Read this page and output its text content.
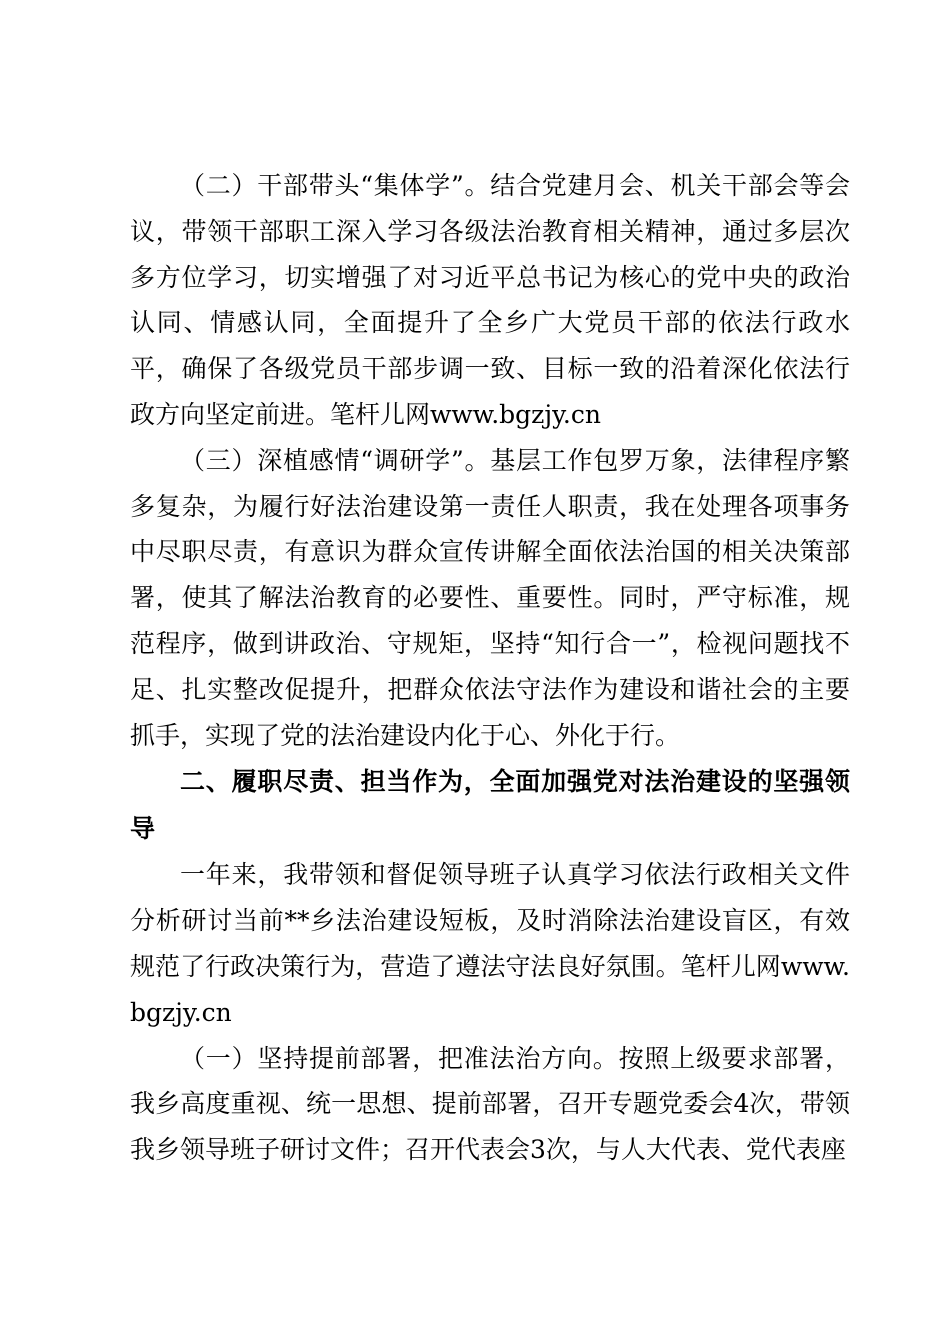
（二）干部带头“集体学”。结合党建月会、机关干部会等会议，带领干部职工深入学习各级法治教育相关精神，通过多层次多方位学习，切实增强了对习近平总书记为核心的党中央的政治认同、情感认同，全面提升了全乡广大党员干部的依法行政水平，确保了各级党员干部步调一致、目标一致的沿着深化依法行政方向坚定前进。笔杆儿网www.bgzjy.cn

（三）深植感情“调研学”。基层工作包罗万象，法律程序繁多复杂，为履行好法治建设第一责任人职责，我在处理各项事务中尽职尽责，有意识为群众宣传讲解全面依法治国的相关决策部署，使其了解法治教育的必要性、重要性。同时，严守标准，规范程序，做到讲政治、守规矩，坚持“知行合一”，检视问题找不足、扎实整改促提升，把群众依法守法作为建设和谐社会的主要抓手，实现了党的法治建设内化于心、外化于行。

二、履职尽责、担当作为，全面加强党对法治建设的坚强领导

一年来，我带领和督促领导班子认真学习依法行政相关文件分析研讨当前**乡法治建设短板，及时消除法治建设盲区，有效规范了行政决策行为，营造了遵法守法良好氛围。笔杆儿网www.bgzjy.cn

（一）坚持提前部署，把准法治方向。按照上级要求部署，我乡高度重视、统一思想、提前部署，召开专题党委会4次，带领我乡领导班子研讨文件；召开代表会3次，与人大代表、党代表座
